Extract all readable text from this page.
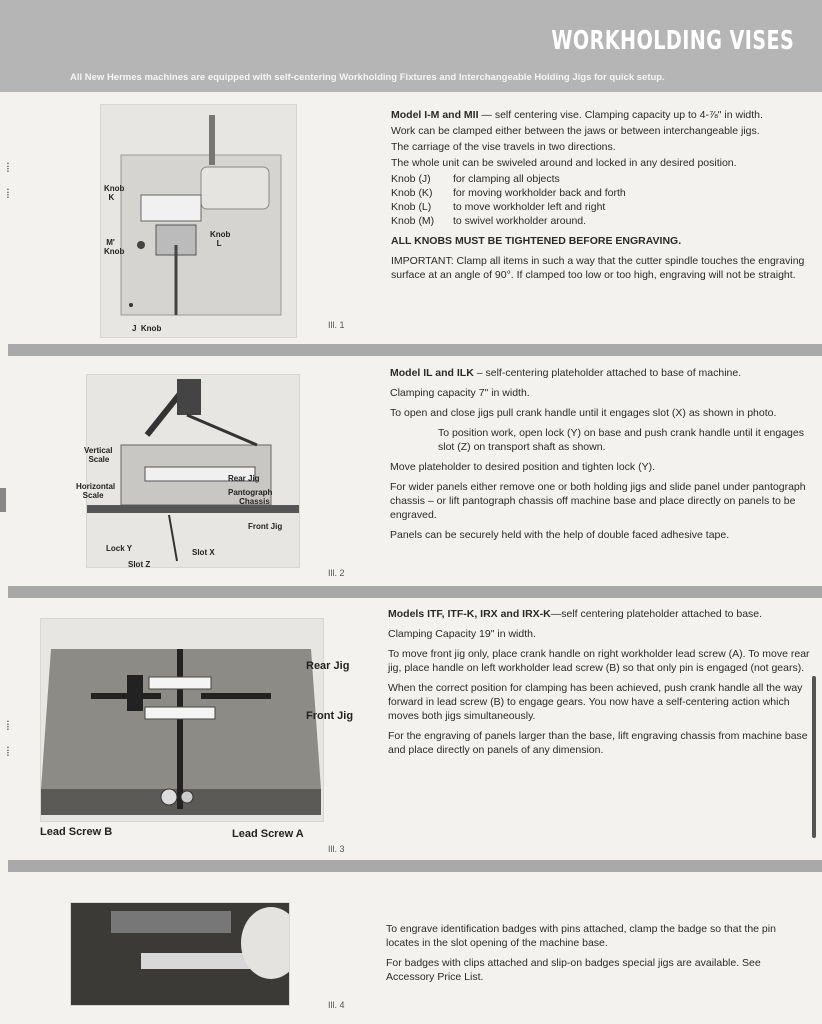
WORKHOLDING VISES
All New Hermes machines are equipped with self-centering Workholding Fixtures and Interchangeable Holding Jigs for quick setup.
⁞
⁞
⁞
⁞
Knob
K
M'
Knob
Knob
L
J  Knob	Ill. 1

Model I-M and MII — self centering vise. Clamping capacity up to 4-⅞" in width.

Work can be clamped either between the jaws or between interchangeable jigs.

The carriage of the vise travels in two directions.

The whole unit can be swiveled around and locked in any desired position.

Knob (J)	for clamping all objects
Knob (K)	for moving workholder back and forth
Knob (L)	to move workholder left and right
Knob (M)	to swivel workholder around.

ALL KNOBS MUST BE TIGHTENED BEFORE ENGRAVING.

IMPORTANT: Clamp all items in such a way that the cutter spindle touches the engraving surface at an angle of 90°. If clamped too low or too high, engraving will not be straight.

Vertical
Scale
Horizontal
Scale
Rear Jig
Pantograph
Chassis
Front Jig
Lock Y
Slot Z
Slot X
Ill. 2

Model IL and ILK – self-centering plateholder attached to base of machine.

Clamping capacity 7" in width.

To open and close jigs pull crank handle until it engages slot (X) as shown in photo.

To position work, open lock (Y) on base and push crank handle until it engages slot (Z) on transport shaft as shown.

Move plateholder to desired position and tighten lock (Y).

For wider panels either remove one or both holding jigs and slide panel under pantograph chassis – or lift pantograph chassis off machine base and place directly on panels to be engraved.

Panels can be securely held with the help of double faced adhesive tape.

Rear Jig
Front Jig
Lead Screw B	Lead Screw A
Ill. 3

Models ITF, ITF-K, IRX and IRX-K—self centering plateholder attached to base.

Clamping Capacity 19" in width.

To move front jig only, place crank handle on right workholder lead screw (A). To move rear jig, place handle on left workholder lead screw (B) so that only pin is engaged (not gears).

When the correct position for clamping has been achieved, push crank handle all the way forward in lead screw (B) to engage gears. You now have a self-centering action which moves both jigs simultaneously.

For the engraving of panels larger than the base, lift engraving chassis from machine base and place directly on panels of any dimension.

Ill. 4

To engrave identification badges with pins attached, clamp the badge so that the pin locates in the slot opening of the machine base.

For badges with clips attached and slip-on badges special jigs are available. See Accessory Price List.
